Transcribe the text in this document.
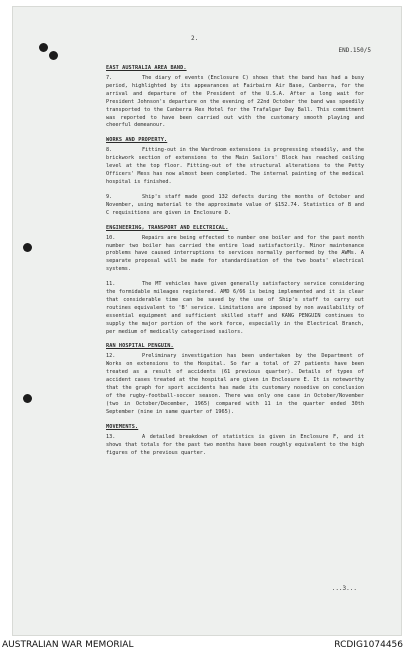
2.
END.150/5
EAST AUSTRALIA AREA BAND.

7.	The diary of events (Enclosure C) shows that the band has had a busy period, highlighted by its appearances at Fairbairn Air Base, Canberra, for the arrival and departure of the President of the U.S.A. After a long wait for President Johnson's departure on the evening of 22nd October the band was speedily transported to the Canberra Rex Hotel for the Trafalgar Day Ball. This commitment was reported to have been carried out with the customary smooth playing and cheerful demeanour.

WORKS AND PROPERTY.

8.	Fitting-out in the Wardroom extensions is progressing steadily, and the brickwork section of extensions to the Main Sailors' Block has reached ceiling level at the top floor. Fitting-out of the structural alterations to the Petty Officers' Mess has now almost been completed. The internal painting of the medical hospital is finished.

9.	Ship's staff made good 132 defects during the months of October and November, using material to the approximate value of $152.74. Statistics of B and C requisitions are given in Enclosure D.

ENGINEERING, TRANSPORT AND ELECTRICAL.

10.	Repairs are being effected to number one boiler and for the past month number two boiler has carried the entire load satisfactorily. Minor maintenance problems have caused interruptions to services normally performed by the AWMs. A separate proposal will be made for standardisation of the two boats' electrical systems.

11.	The MT vehicles have given generally satisfactory service considering the formidable mileages registered. AMD 6/66 is being implemented and it is clear that considerable time can be saved by the use of Ship's staff to carry out routines equivalent to 'B' service. Limitations are imposed by non availability of essential equipment and sufficient skilled staff and KANG PENGUIN continues to supply the major portion of the work force, especially in the Electrical Branch, per medium of medically categorised sailors.

RAN HOSPITAL PENGUIN.

12.	Preliminary investigation has been undertaken by the Department of Works on extensions to the Hospital. So far a total of 27 patients have been treated as a result of accidents (61 previous quarter). Details of types of accident cases treated at the hospital are given in Enclosure E. It is noteworthy that the graph for sport accidents has made its customary nosedive on conclusion of the rugby-football-soccer season. There was only one case in October/November (two in October/December, 1965) compared with 11 in the quarter ended 30th September (nine in same quarter of 1965).

MOVEMENTS.

13.	A detailed breakdown of statistics is given in Enclosure F, and it shows that totals for the past two months have been roughly equivalent to the high figures of the previous quarter.

...3...
AUSTRALIAN WAR MEMORIAL	RCDIG1074456
